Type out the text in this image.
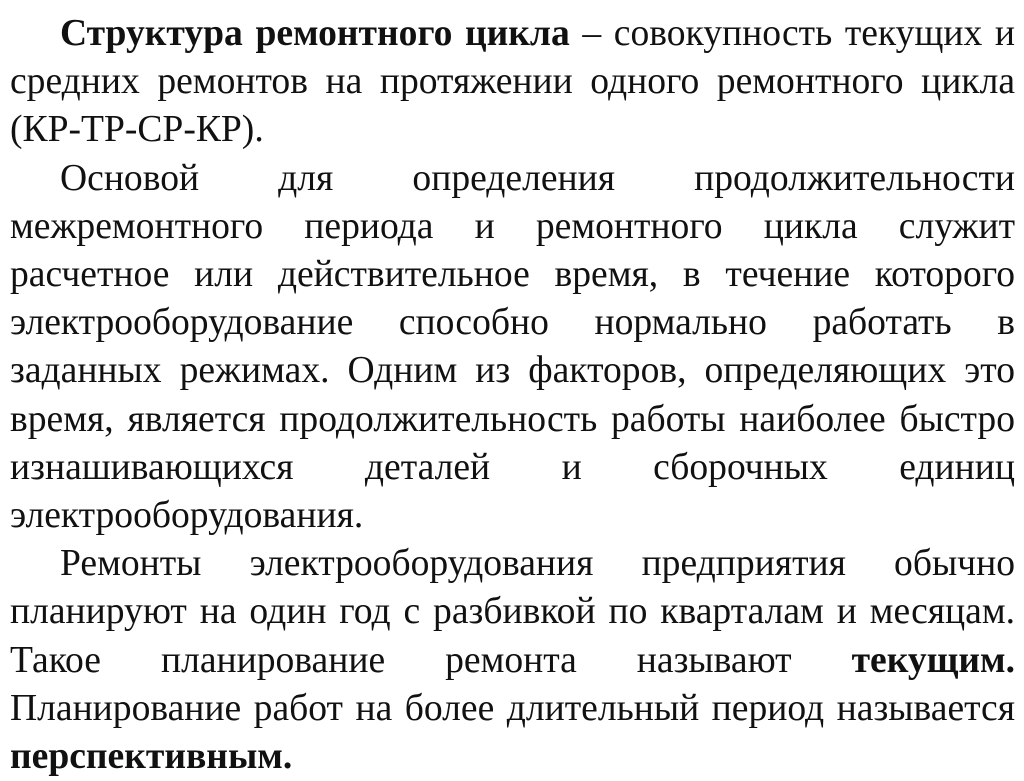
Структура ремонтного цикла – совокупность текущих и средних ремонтов на протяжении одного ремонтного цикла (КР-ТР-СР-КР).

Основой для определения продолжительности межремонтного периода и ремонтного цикла служит расчетное или действительное время, в течение которого электрооборудование способно нормально работать в заданных режимах. Одним из факторов, определяющих это время, является продолжительность работы наиболее быстро изнашивающихся деталей и сборочных единиц электрооборудования.

Ремонты электрооборудования предприятия обычно планируют на один год с разбивкой по кварталам и месяцам. Такое планирование ремонта называют текущим. Планирование работ на более длительный период называется перспективным.
